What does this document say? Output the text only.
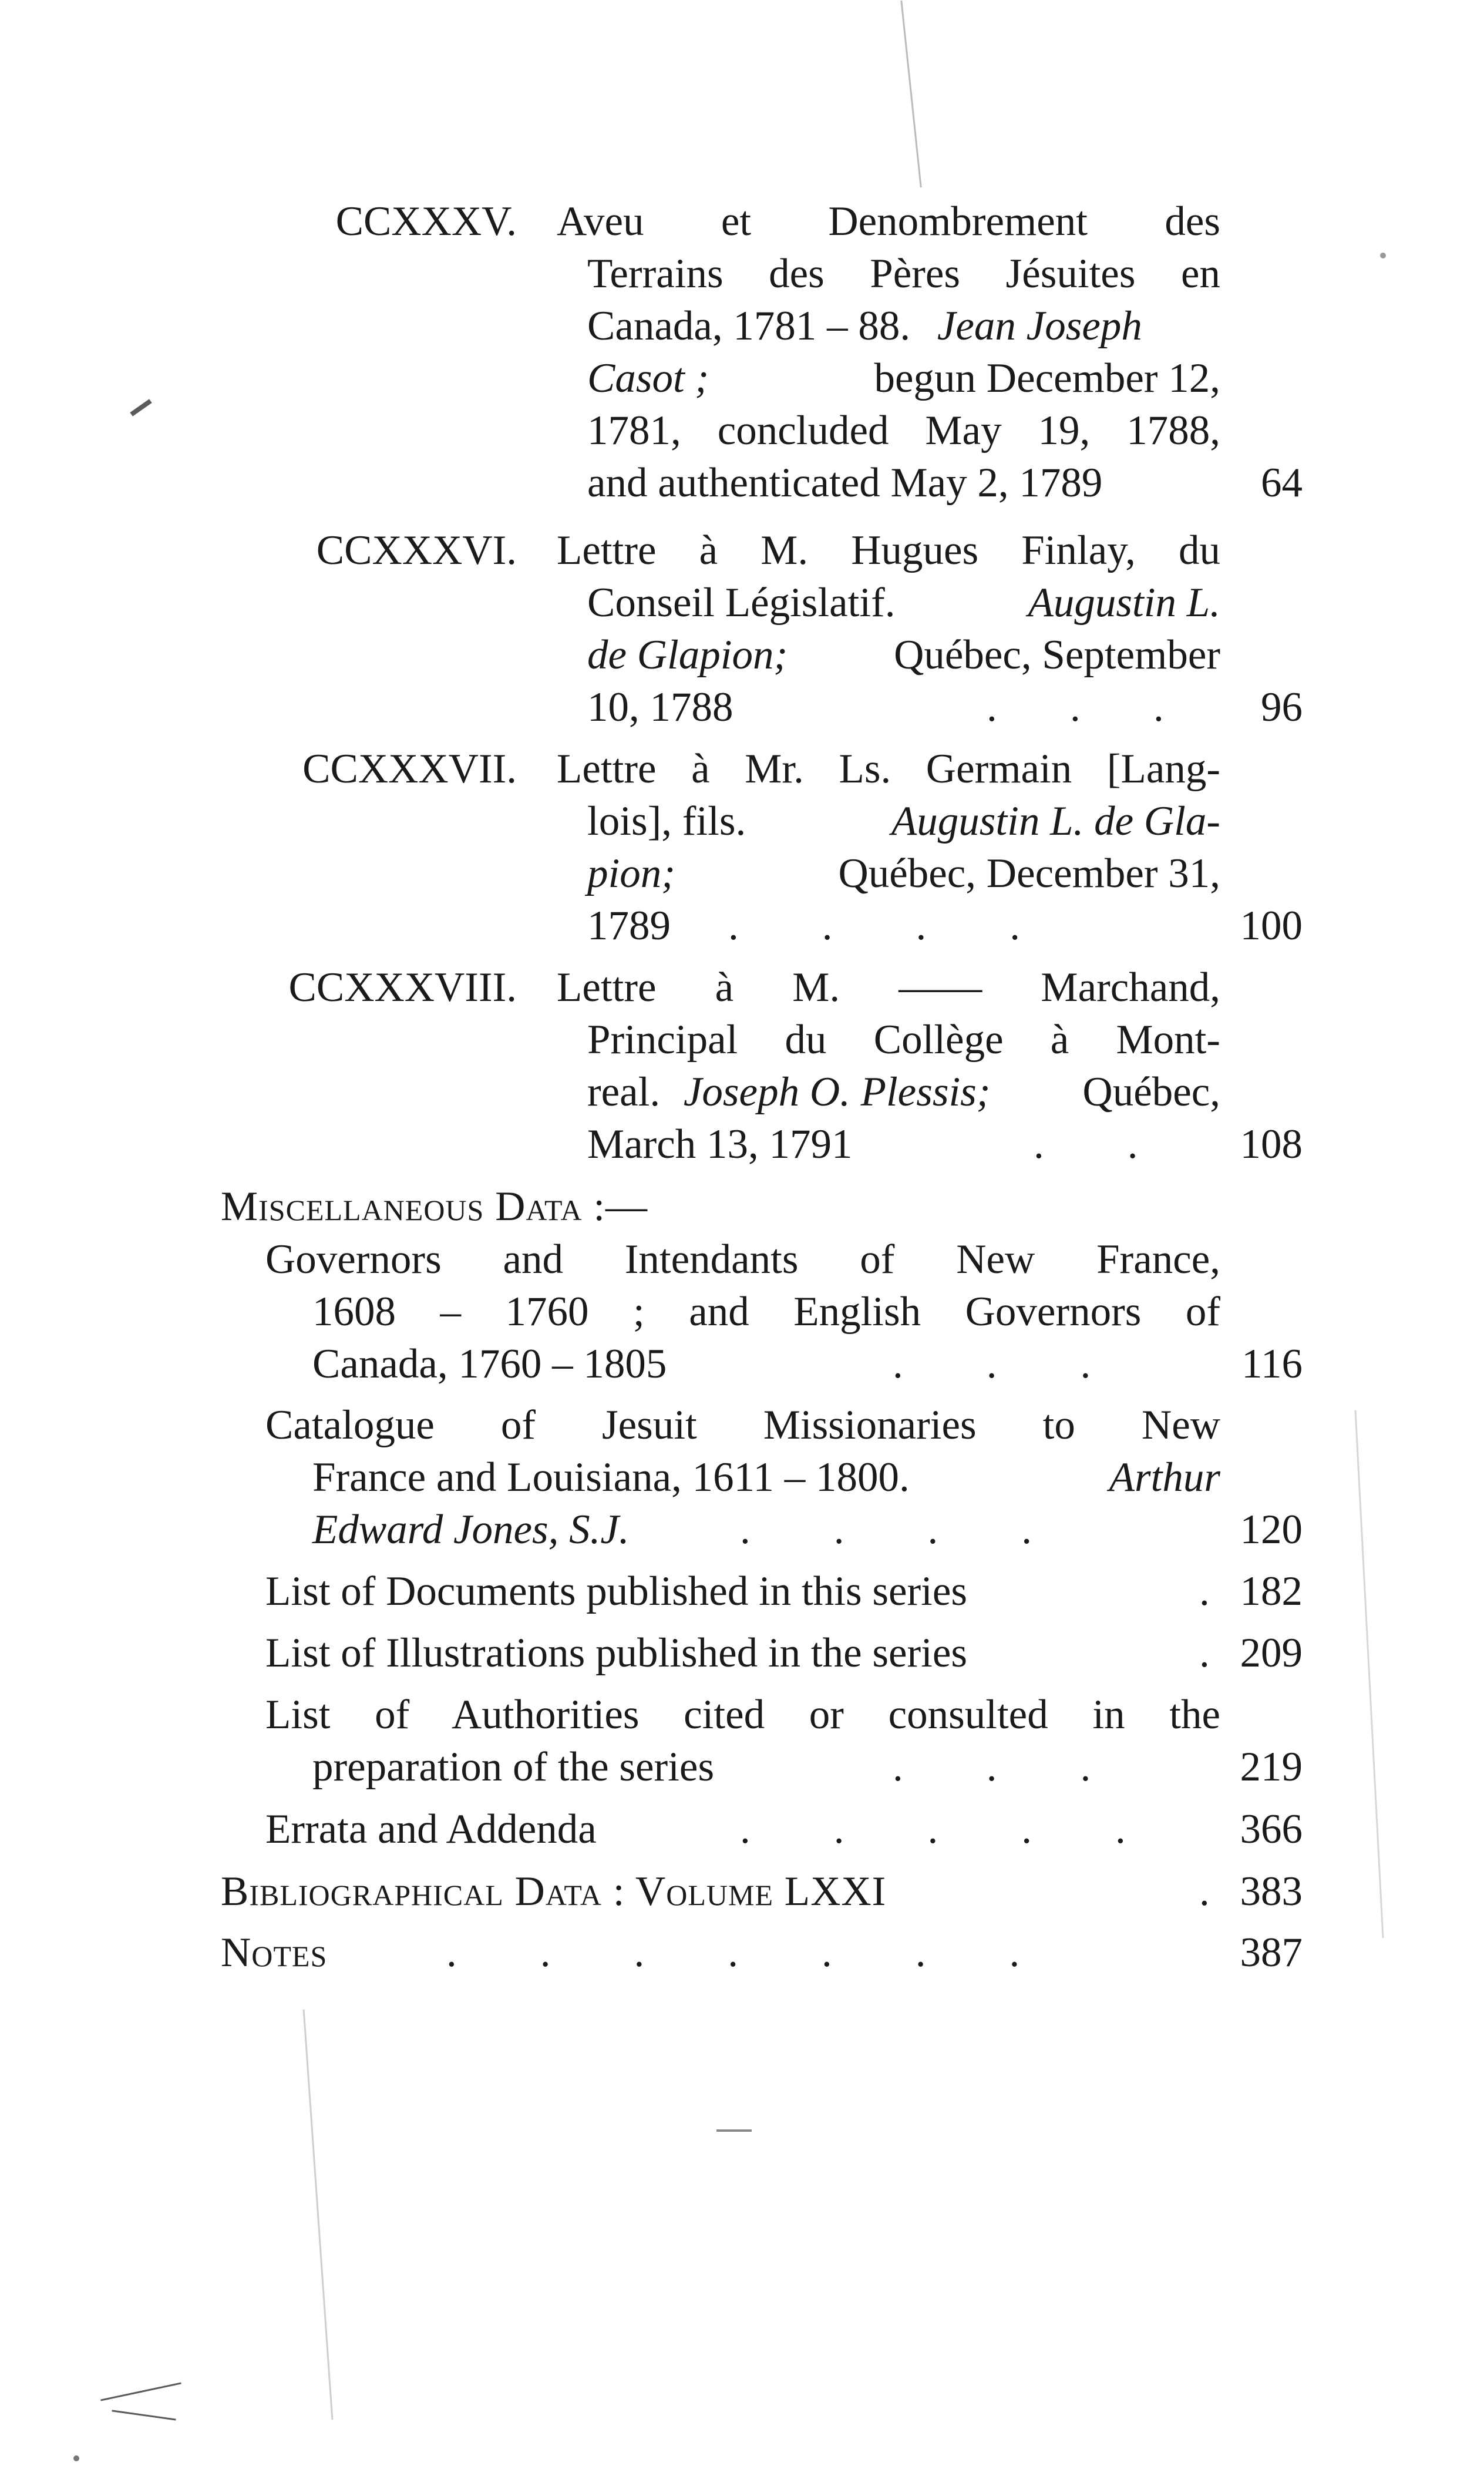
CCXXXV. Aveu et Denombrement des
Terrains des Pères Jésuites en
Canada, 1781 – 88. Jean Joseph
Casot ;	begun December 12,
1781, concluded May 19, 1788,
and authenticated May 2, 1789	64
CCXXXVI. Lettre à M. Hugues Finlay, du
Conseil Législatif.	Augustin L.
de Glapion;	Québec, September
10, 1788	.       .       .	96
CCXXXVII. Lettre à Mr. Ls. Germain [Lang-
lois], fils.	Augustin L. de Gla-
pion;	Québec, December 31,
1789 .        .        .        .	100
CCXXXVIII. Lettre à M. —— Marchand,
Principal du Collège à Mont-
real. Joseph O. Plessis; Québec,
March 13, 1791	.        .	108
Miscellaneous Data :—
Governors and Intendants of New France,
1608 – 1760 ; and English Governors of
Canada, 1760 – 1805	.        .        .	116
Catalogue of Jesuit Missionaries to New
France and Louisiana, 1611 – 1800.	Arthur
Edward Jones, S.J.	.        .        .        .	120
List of Documents published in this series	. 182
List of Illustrations published in the series	. 209
List of Authorities cited or consulted in the
preparation of the series	.        .        .	219
Errata and Addenda	.        .        .        .        .	366
Bibliographical Data : Volume LXXI	. 383
Notes	.        .        .        .        .        .        .	387
